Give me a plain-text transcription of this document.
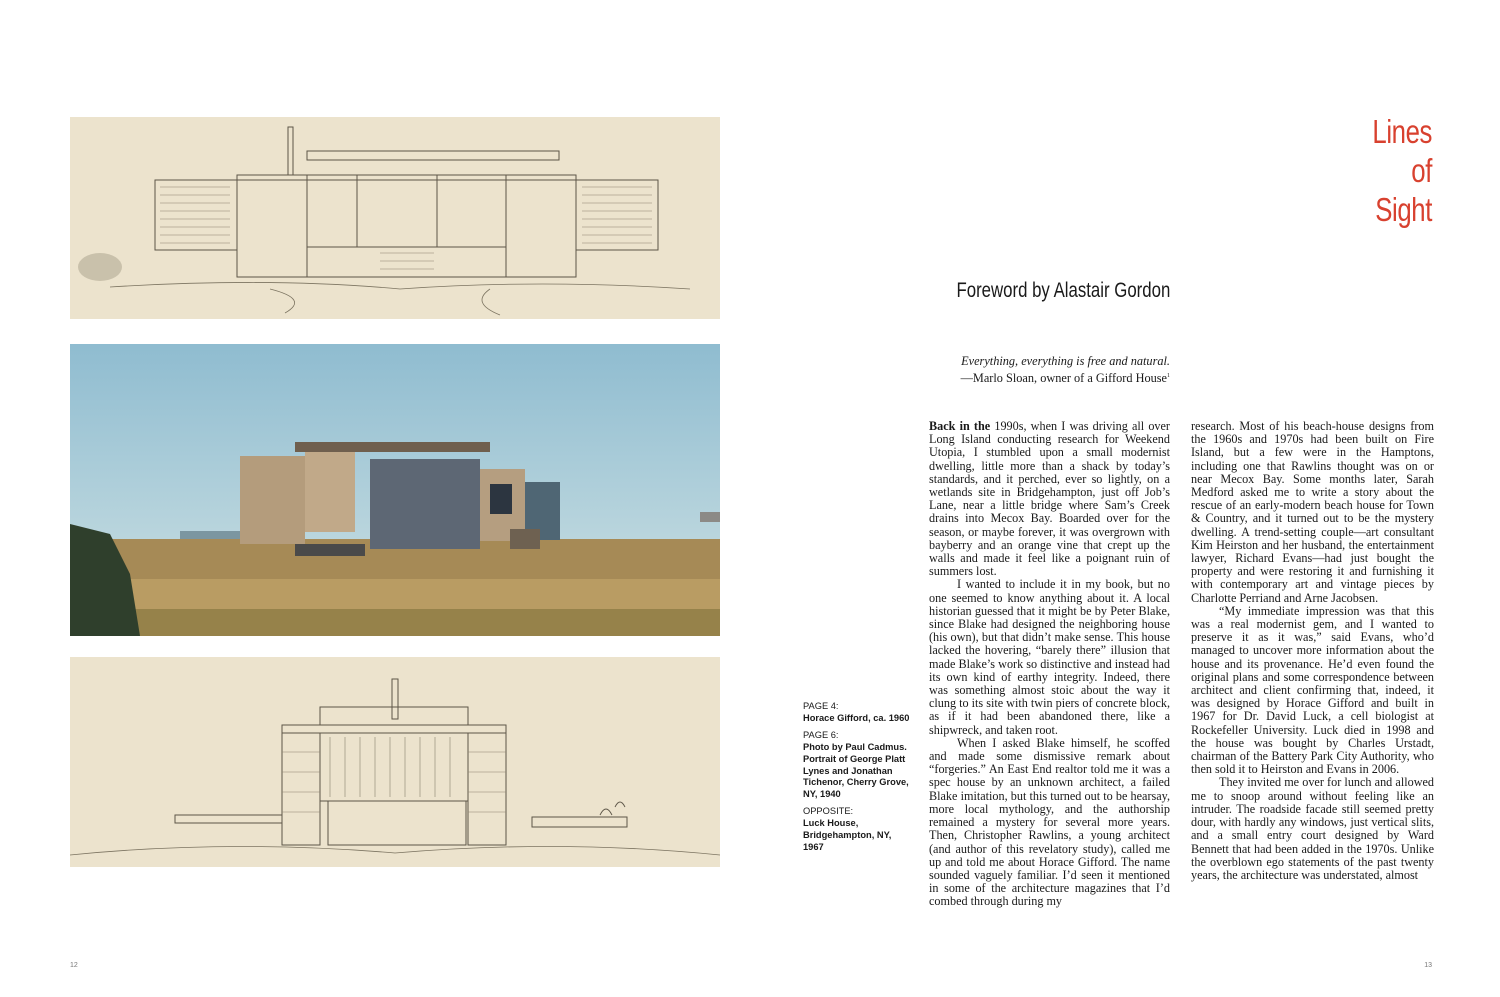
12

PAGE 4:

Horace Gifford, ca. 1960

PAGE 6:

Photo by Paul Cadmus. Portrait of George Platt Lynes and Jonathan Tichenor, Cherry Grove, NY, 1940

OPPOSITE:

Luck House, Bridgehampton, NY, 1967

Lines
of
Sight
Foreword by Alastair Gordon
Everything, everything is free and natural.
—Marlo Sloan, owner of a Gifford House$^1$

Back in the 1990s, when I was driving all over Long Island conducting research for Weekend Utopia, I stumbled upon a small modernist dwelling, little more than a shack by today’s standards, and it perched, ever so lightly, on a wetlands site in Bridgehampton, just off Job’s Lane, near a little bridge where Sam’s Creek drains into Mecox Bay. Boarded over for the season, or maybe forever, it was overgrown with bayberry and an orange vine that crept up the walls and made it feel like a poignant ruin of summers lost.

I wanted to include it in my book, but no one seemed to know anything about it. A local historian guessed that it might be by Peter Blake, since Blake had designed the neighboring house (his own), but that didn’t make sense. This house lacked the hovering, “barely there” illusion that made Blake’s work so distinctive and instead had its own kind of earthy integrity. Indeed, there was something almost stoic about the way it clung to its site with twin piers of concrete block, as if it had been abandoned there, like a shipwreck, and taken root.

When I asked Blake himself, he scoffed and made some dismissive remark about “forgeries.” An East End realtor told me it was a spec house by an unknown architect, a failed Blake imitation, but this turned out to be hearsay, more local mythology, and the authorship remained a mystery for several more years. Then, Christopher Rawlins, a young architect (and author of this revelatory study), called me up and told me about Horace Gifford. The name sounded vaguely familiar. I’d seen it mentioned in some of the architecture magazines that I’d combed through during my

research. Most of his beach-house designs from the 1960s and 1970s had been built on Fire Island, but a few were in the Hamptons, including one that Rawlins thought was on or near Mecox Bay. Some months later, Sarah Medford asked me to write a story about the rescue of an early-modern beach house for Town & Country, and it turned out to be the mystery dwelling. A trend-setting couple—art consultant Kim Heirston and her husband, the entertainment lawyer, Richard Evans—had just bought the property and were restoring it and furnishing it with contemporary art and vintage pieces by Charlotte Perriand and Arne Jacobsen.

“My immediate impression was that this was a real modernist gem, and I wanted to preserve it as it was,” said Evans, who’d managed to uncover more information about the house and its provenance. He’d even found the original plans and some correspondence between architect and client confirming that, indeed, it was designed by Horace Gifford and built in 1967 for Dr. David Luck, a cell biologist at Rockefeller University. Luck died in 1998 and the house was bought by Charles Urstadt, chairman of the Battery Park City Authority, who then sold it to Heirston and Evans in 2006.

They invited me over for lunch and allowed me to snoop around without feeling like an intruder. The roadside facade still seemed pretty dour, with hardly any windows, just vertical slits, and a small entry court designed by Ward Bennett that had been added in the 1970s. Unlike the overblown ego statements of the past twenty years, the architecture was understated, almost

13
